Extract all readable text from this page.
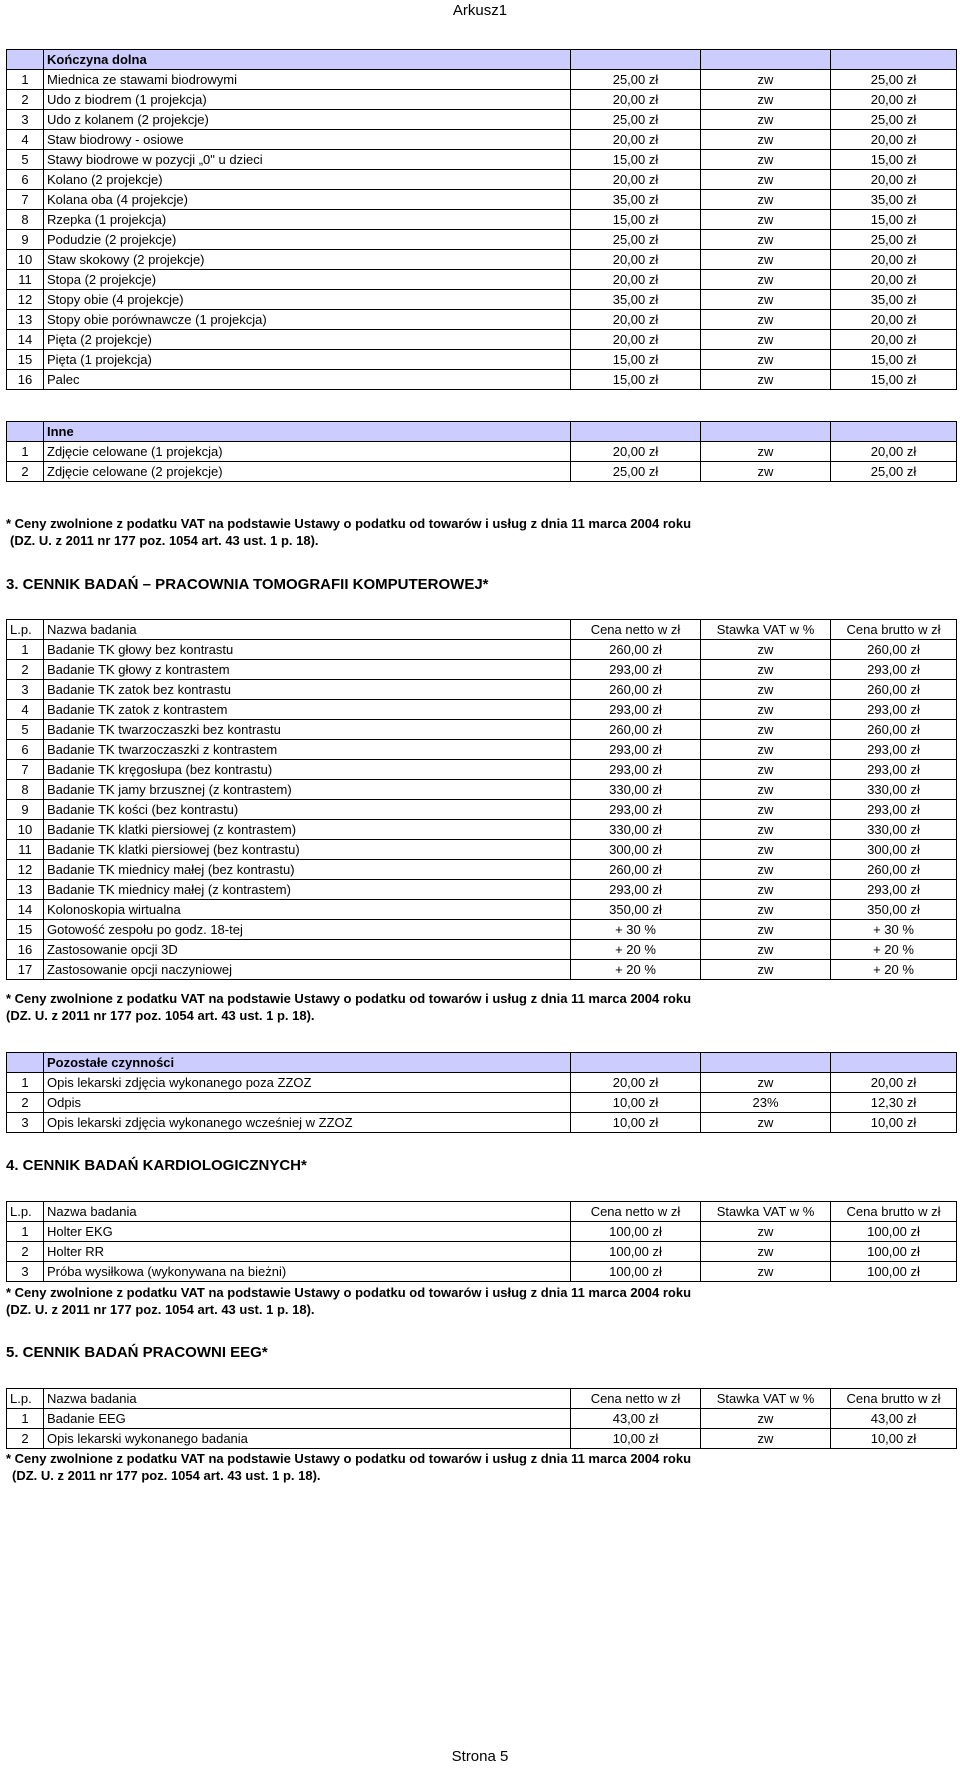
Arkusz1
	Kończyna dolna			
1	Miednica ze stawami biodrowymi	25,00 zł	zw	25,00 zł
2	Udo z biodrem (1 projekcja)	20,00 zł	zw	20,00 zł
3	Udo z kolanem (2 projekcje)	25,00 zł	zw	25,00 zł
4	Staw biodrowy - osiowe	20,00 zł	zw	20,00 zł
5	Stawy biodrowe w pozycji „0" u dzieci	15,00 zł	zw	15,00 zł
6	Kolano (2 projekcje)	20,00 zł	zw	20,00 zł
7	Kolana oba (4 projekcje)	35,00 zł	zw	35,00 zł
8	Rzepka (1 projekcja)	15,00 zł	zw	15,00 zł
9	Podudzie (2 projekcje)	25,00 zł	zw	25,00 zł
10	Staw skokowy (2 projekcje)	20,00 zł	zw	20,00 zł
11	Stopa (2 projekcje)	20,00 zł	zw	20,00 zł
12	Stopy obie (4 projekcje)	35,00 zł	zw	35,00 zł
13	Stopy obie porównawcze (1 projekcja)	20,00 zł	zw	20,00 zł
14	Pięta (2 projekcje)	20,00 zł	zw	20,00 zł
15	Pięta (1 projekcja)	15,00 zł	zw	15,00 zł
16	Palec	15,00 zł	zw	15,00 zł
	Inne			
1	Zdjęcie celowane (1 projekcja)	20,00 zł	zw	20,00 zł
2	Zdjęcie celowane (2 projekcje)	25,00 zł	zw	25,00 zł
* Ceny zwolnione z podatku VAT na podstawie Ustawy o podatku od towarów i usług z dnia 11 marca 2004 roku
(DZ. U. z 2011 nr 177 poz. 1054 art. 43 ust. 1 p. 18).
3. CENNIK BADAŃ – PRACOWNIA TOMOGRAFII KOMPUTEROWEJ*
L.p.	Nazwa badania	Cena netto w zł	Stawka VAT w %	Cena brutto w zł
1	Badanie TK głowy bez kontrastu	260,00 zł	zw	260,00 zł
2	Badanie TK głowy z kontrastem	293,00 zł	zw	293,00 zł
3	Badanie TK zatok bez kontrastu	260,00 zł	zw	260,00 zł
4	Badanie TK zatok z kontrastem	293,00 zł	zw	293,00 zł
5	Badanie TK twarzoczaszki bez kontrastu	260,00 zł	zw	260,00 zł
6	Badanie TK twarzoczaszki z kontrastem	293,00 zł	zw	293,00 zł
7	Badanie TK kręgosłupa (bez kontrastu)	293,00 zł	zw	293,00 zł
8	Badanie TK jamy brzusznej (z kontrastem)	330,00 zł	zw	330,00 zł
9	Badanie TK kości (bez kontrastu)	293,00 zł	zw	293,00 zł
10	Badanie TK klatki piersiowej (z kontrastem)	330,00 zł	zw	330,00 zł
11	Badanie TK klatki piersiowej (bez kontrastu)	300,00 zł	zw	300,00 zł
12	Badanie TK miednicy małej (bez kontrastu)	260,00 zł	zw	260,00 zł
13	Badanie TK miednicy małej (z kontrastem)	293,00 zł	zw	293,00 zł
14	Kolonoskopia wirtualna	350,00 zł	zw	350,00 zł
15	Gotowość zespołu po godz. 18-tej	+ 30 %	zw	+ 30 %
16	Zastosowanie opcji 3D	+ 20 %	zw	+ 20 %
17	Zastosowanie opcji naczyniowej	+ 20 %	zw	+ 20 %
* Ceny zwolnione z podatku VAT na podstawie Ustawy o podatku od towarów i usług z dnia 11 marca 2004 roku
(DZ. U. z 2011 nr 177 poz. 1054 art. 43 ust. 1 p. 18).
	Pozostałe czynności			
1	Opis lekarski zdjęcia wykonanego poza ZZOZ	20,00 zł	zw	20,00 zł
2	Odpis	10,00 zł	23%	12,30 zł
3	Opis lekarski zdjęcia wykonanego wcześniej w ZZOZ	10,00 zł	zw	10,00 zł
4. CENNIK BADAŃ KARDIOLOGICZNYCH*
L.p.	Nazwa badania	Cena netto w zł	Stawka VAT w %	Cena brutto w zł
1	Holter EKG	100,00 zł	zw	100,00 zł
2	Holter RR	100,00 zł	zw	100,00 zł
3	Próba wysiłkowa (wykonywana na bieżni)	100,00 zł	zw	100,00 zł
* Ceny zwolnione z podatku VAT na podstawie Ustawy o podatku od towarów i usług z dnia 11 marca 2004 roku
(DZ. U. z 2011 nr 177 poz. 1054 art. 43 ust. 1 p. 18).
5. CENNIK BADAŃ PRACOWNI EEG*
L.p.	Nazwa badania	Cena netto w zł	Stawka VAT w %	Cena brutto w zł
1	Badanie EEG	43,00 zł	zw	43,00 zł
2	Opis lekarski wykonanego badania	10,00 zł	zw	10,00 zł
* Ceny zwolnione z podatku VAT na podstawie Ustawy o podatku od towarów i usług z dnia 11 marca 2004 roku
(DZ. U. z 2011 nr 177 poz. 1054 art. 43 ust. 1 p. 18).
Strona 5
